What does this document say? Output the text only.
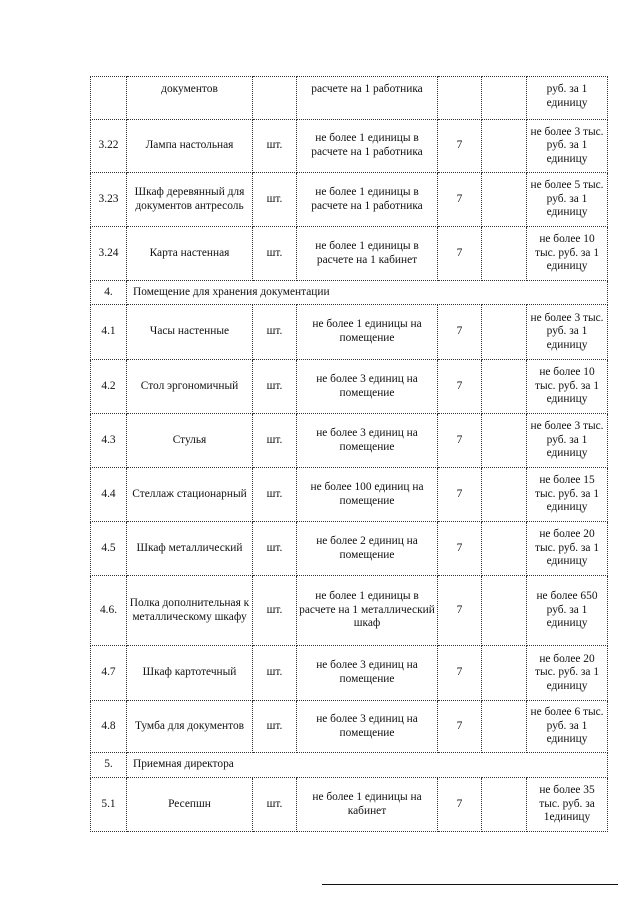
	документов		расчете на 1 работника			руб. за 1 единицу
3.22	Лампа настольная	шт.	не более 1 единицы в расчете на 1 работника	7		не более 3 тыс. руб. за 1 единицу
3.23	Шкаф деревянный для документов антресоль	шт.	не более 1 единицы в расчете на 1 работника	7		не более 5 тыс. руб. за 1 единицу
3.24	Карта настенная	шт.	не более 1 единицы в расчете на 1 кабинет	7		не более 10 тыс. руб. за 1 единицу
4.	Помещение для хранения документации					
4.1	Часы настенные	шт.	не более 1 единицы на помещение	7		не более 3 тыс. руб. за 1 единицу
4.2	Стол эргономичный	шт.	не более 3 единиц на помещение	7		не более 10 тыс. руб. за 1 единицу
4.3	Стулья	шт.	не более 3 единиц на помещение	7		не более 3 тыс. руб. за 1 единицу
4.4	Стеллаж стационарный	шт.	не более 100 единиц на помещение	7		не более 15 тыс. руб. за 1 единицу
4.5	Шкаф металлический	шт.	не более 2 единиц на помещение	7		не более 20 тыс. руб. за 1 единицу
4.6.	Полка дополнительная к металлическому шкафу	шт.	не более 1 единицы в расчете на 1 металлический шкаф	7		не более 650 руб. за 1 единицу
4.7	Шкаф картотечный	шт.	не более 3 единиц на помещение	7		не более 20 тыс. руб. за 1 единицу
4.8	Тумба для документов	шт.	не более 3 единиц на помещение	7		не более 6 тыс. руб. за 1 единицу
5.	Приемная директора					
5.1	Ресепшн	шт.	не более 1 единицы на кабинет	7		не более 35 тыс. руб. за 1единицу
